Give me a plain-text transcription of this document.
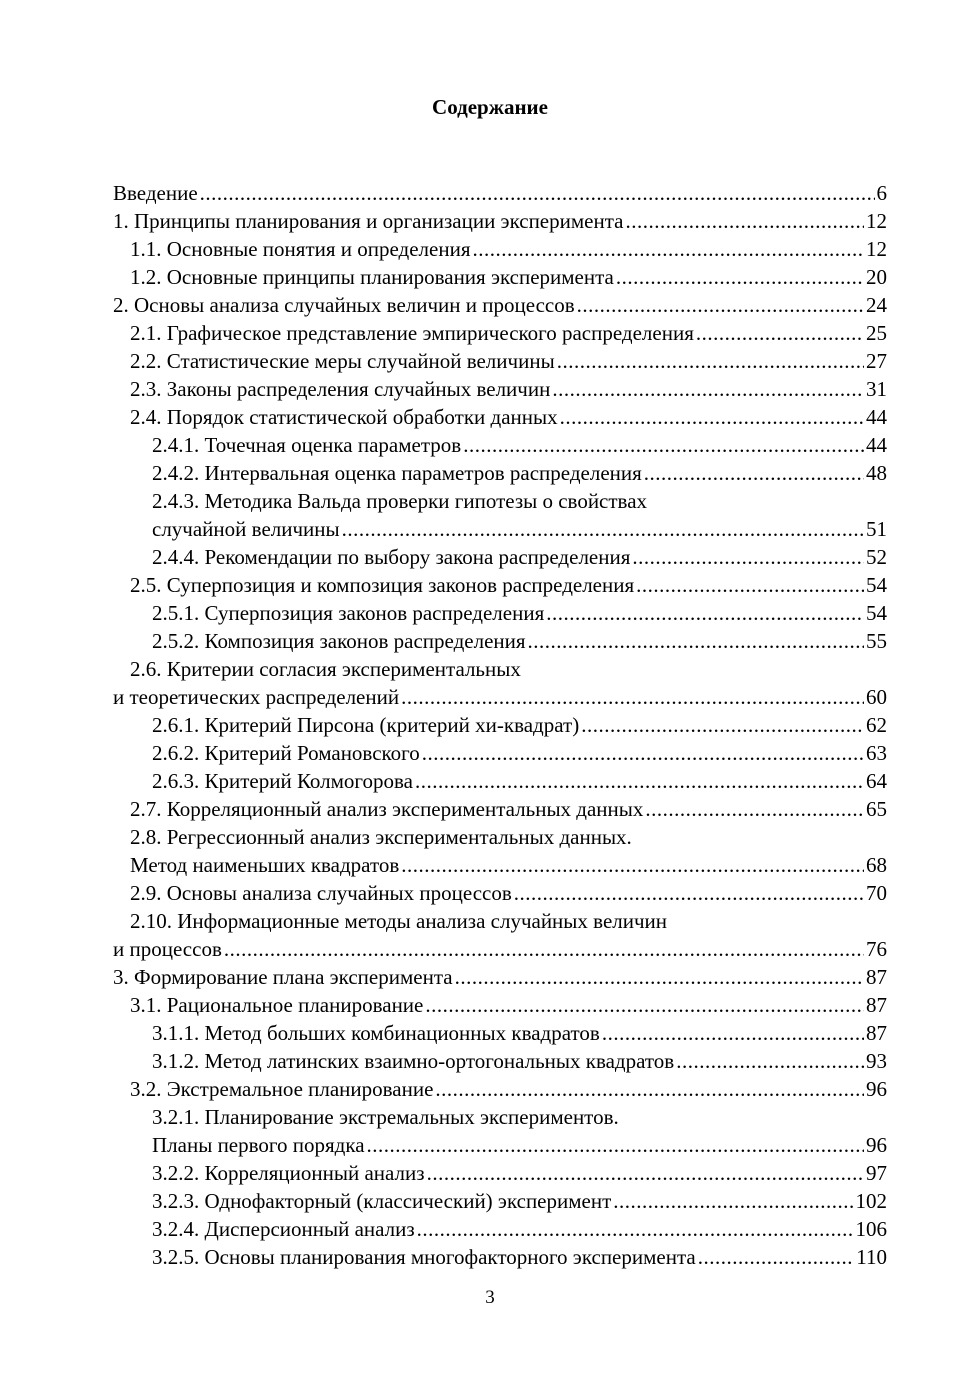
Содержание
Введение .....	6
1. Принципы планирования и организации эксперимента .....	12
1.1. Основные понятия и определения .....	12
1.2. Основные принципы планирования эксперимента .....	20
2. Основы анализа случайных величин и процессов .....	24
2.1. Графическое представление эмпирического распределения .....	25
2.2. Статистические меры случайной величины .....	27
2.3. Законы распределения случайных величин .....	31
2.4. Порядок статистической обработки данных .....	44
2.4.1. Точечная оценка параметров .....	44
2.4.2. Интервальная оценка параметров распределения .....	48
2.4.3. Методика Вальда проверки гипотезы о свойствах
случайной величины .....	51
2.4.4. Рекомендации по выбору закона распределения .....	52
2.5. Суперпозиция и композиция законов распределения .....	54
2.5.1. Суперпозиция законов распределения .....	54
2.5.2. Композиция законов распределения .....	55
2.6. Критерии согласия экспериментальных
и теоретических распределений .....	60
2.6.1. Критерий Пирсона (критерий хи-квадрат) .....	62
2.6.2. Критерий Романовского .....	63
2.6.3. Критерий Колмогорова .....	64
2.7. Корреляционный анализ экспериментальных данных .....	65
2.8. Регрессионный анализ экспериментальных данных.
Метод наименьших квадратов .....	68
2.9. Основы анализа случайных процессов .....	70
2.10. Информационные методы анализа случайных величин
и процессов .....	76
3. Формирование плана эксперимента .....	87
3.1. Рациональное планирование .....	87
3.1.1. Метод больших комбинационных квадратов .....	87
3.1.2. Метод латинских взаимно-ортогональных квадратов .....	93
3.2. Экстремальное планирование .....	96
3.2.1. Планирование экстремальных экспериментов.
Планы первого порядка .....	96
3.2.2. Корреляционный анализ .....	97
3.2.3. Однофакторный (классический) эксперимент .....	102
3.2.4. Дисперсионный анализ .....	106
3.2.5. Основы планирования многофакторного эксперимента .....	110
3
